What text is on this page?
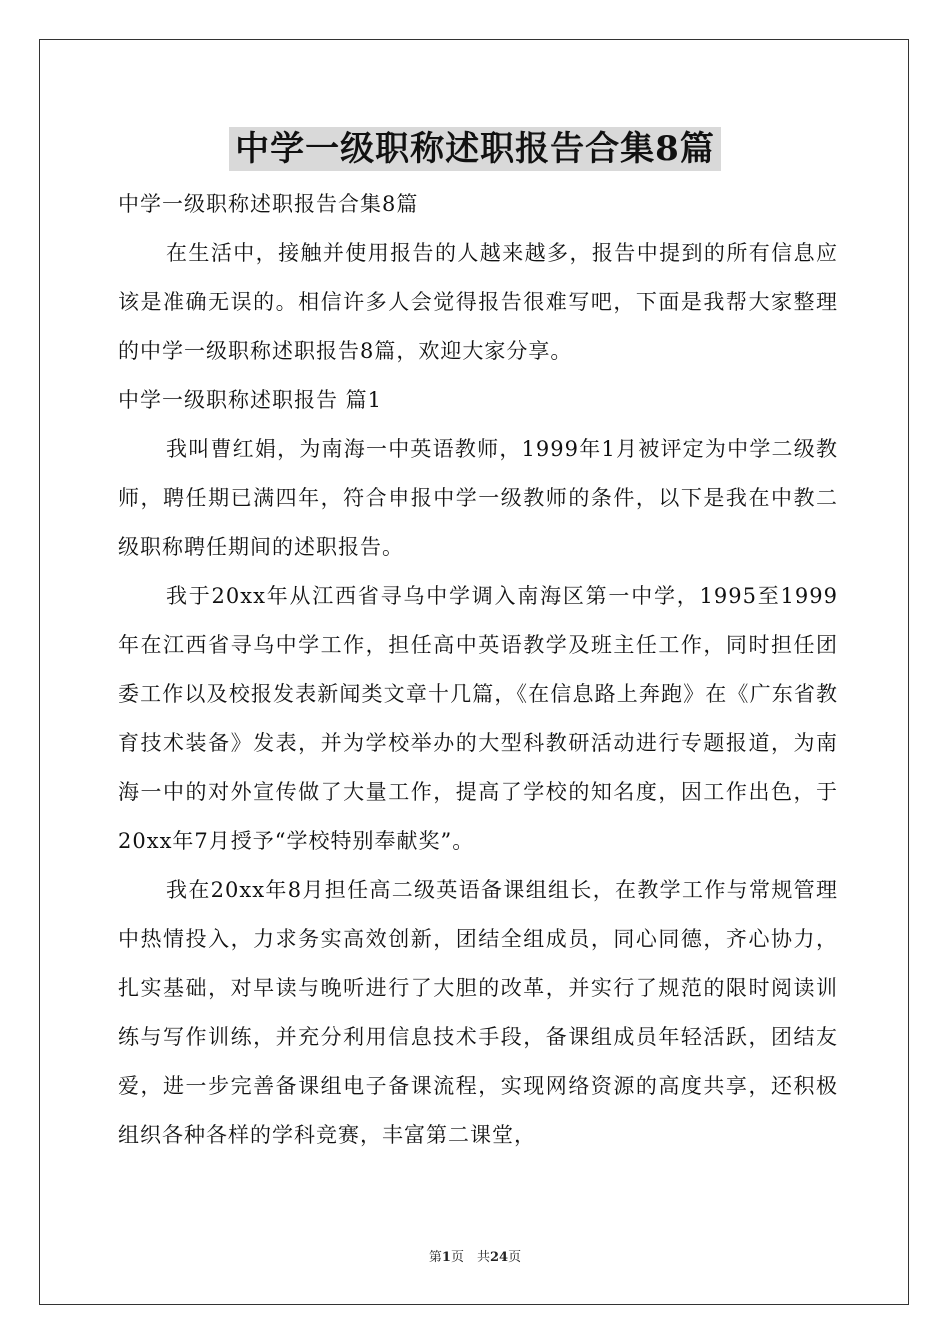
中学一级职称述职报告合集8篇

中学一级职称述职报告合集8篇

在生活中，接触并使用报告的人越来越多，报告中提到的所有信息应该是准确无误的。相信许多人会觉得报告很难写吧，下面是我帮大家整理的中学一级职称述职报告8篇，欢迎大家分享。

中学一级职称述职报告 篇1

我叫曹红娟，为南海一中英语教师，1999年1月被评定为中学二级教师，聘任期已满四年，符合申报中学一级教师的条件，以下是我在中教二级职称聘任期间的述职报告。

我于20xx年从江西省寻乌中学调入南海区第一中学，1995至1999年在江西省寻乌中学工作，担任高中英语教学及班主任工作，同时担任团委工作以及校报发表新闻类文章十几篇，《在信息路上奔跑》在《广东省教育技术装备》发表，并为学校举办的大型科教研活动进行专题报道，为南海一中的对外宣传做了大量工作，提高了学校的知名度，因工作出色，于20xx年7月授予“学校特别奉献奖”。

我在20xx年8月担任高二级英语备课组组长，在教学工作与常规管理中热情投入，力求务实高效创新，团结全组成员，同心同德，齐心协力，扎实基础，对早读与晚听进行了大胆的改革，并实行了规范的限时阅读训练与写作训练，并充分利用信息技术手段，备课组成员年轻活跃，团结友爱，进一步完善备课组电子备课流程，实现网络资源的高度共享，还积极组织各种各样的学科竞赛，丰富第二课堂，

第1页　共24页
